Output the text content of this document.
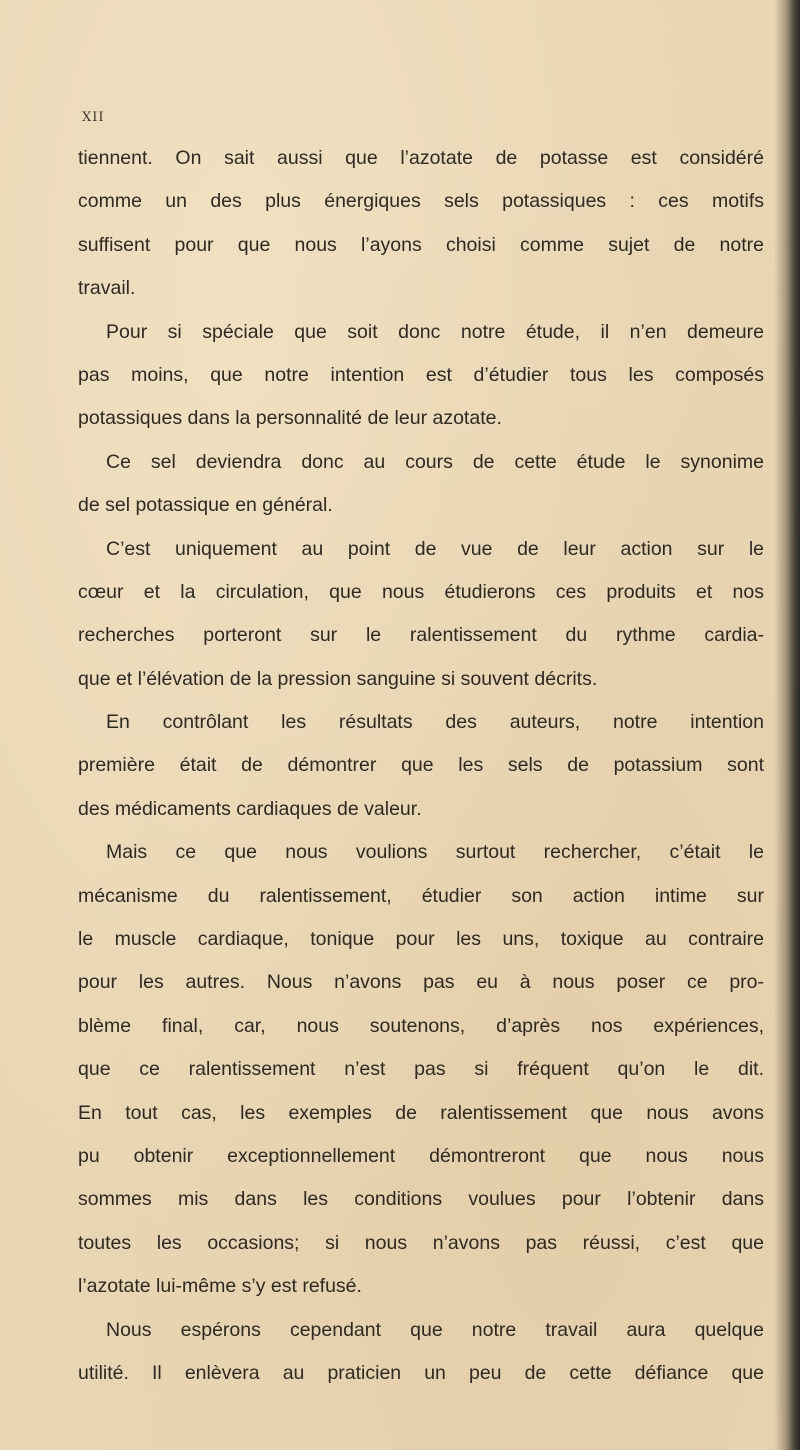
XII
tiennent. On sait aussi que l’azotate de potasse est considéré
comme un des plus énergiques sels potassiques : ces motifs
suffisent pour que nous l’ayons choisi comme sujet de notre
travail.
Pour si spéciale que soit donc notre étude, il n’en demeure
pas moins, que notre intention est d’étudier tous les composés
potassiques dans la personnalité de leur azotate.
Ce sel deviendra donc au cours de cette étude le synonime
de sel potassique en général.
C’est uniquement au point de vue de leur action sur le
cœur et la circulation, que nous étudierons ces produits et nos
recherches porteront sur le ralentissement du rythme cardia-
que et l’élévation de la pression sanguine si souvent décrits.
En contrôlant les résultats des auteurs, notre intention
première était de démontrer que les sels de potassium sont
des médicaments cardiaques de valeur.
Mais ce que nous voulions surtout rechercher, c’était le
mécanisme du ralentissement, étudier son action intime sur
le muscle cardiaque, tonique pour les uns, toxique au contraire
pour les autres. Nous n’avons pas eu à nous poser ce pro-
blème final, car, nous soutenons, d’après nos expériences,
que ce ralentissement n’est pas si fréquent qu’on le dit.
En tout cas, les exemples de ralentissement que nous avons
pu obtenir exceptionnellement démontreront que nous nous
sommes mis dans les conditions voulues pour l’obtenir dans
toutes les occasions; si nous n’avons pas réussi, c’est que
l’azotate lui-même s’y est refusé.
Nous espérons cependant que notre travail aura quelque
utilité. Il enlèvera au praticien un peu de cette défiance que
